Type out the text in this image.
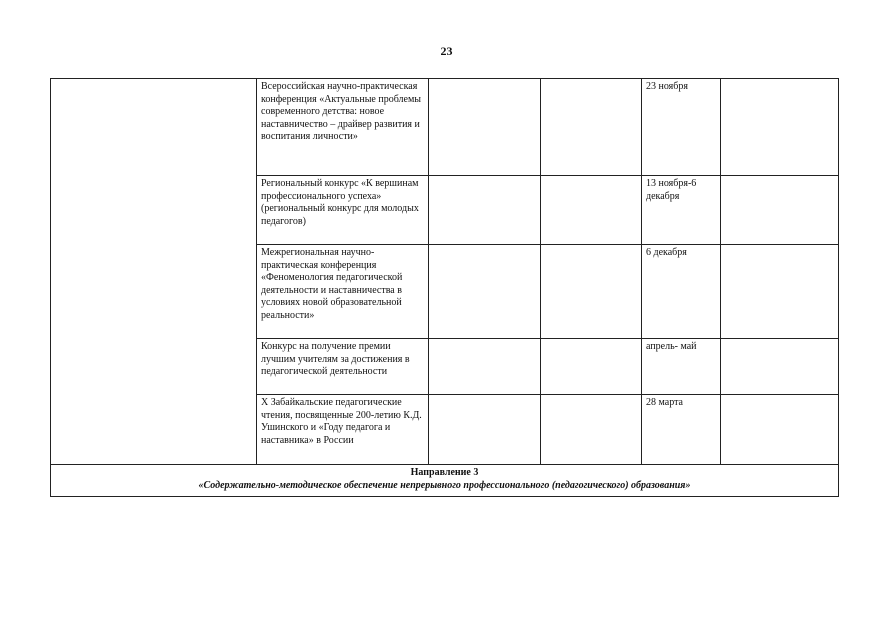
23
	Всероссийская научно-практическая конференция «Актуальные проблемы современного детства: новое наставничество – драйвер развития и воспитания личности»			23 ноября	
	Региональный конкурс «К вершинам профессионального успеха» (региональный конкурс для молодых педагогов)			13 ноября-6 декабря	
	Межрегиональная научно-практическая конференция «Феноменология педагогической деятельности и наставничества в условиях новой образовательной реальности»			6 декабря	
	Конкурс на получение премии лучшим учителям за достижения в педагогической деятельности			апрель- май	
	X Забайкальские педагогические чтения, посвященные 200-летию К.Д. Ушинского и «Году педагога и наставника» в России			28 марта	

Направление 3
«Содержательно-методическое обеспечение непрерывного профессионального (педагогического) образования»					
